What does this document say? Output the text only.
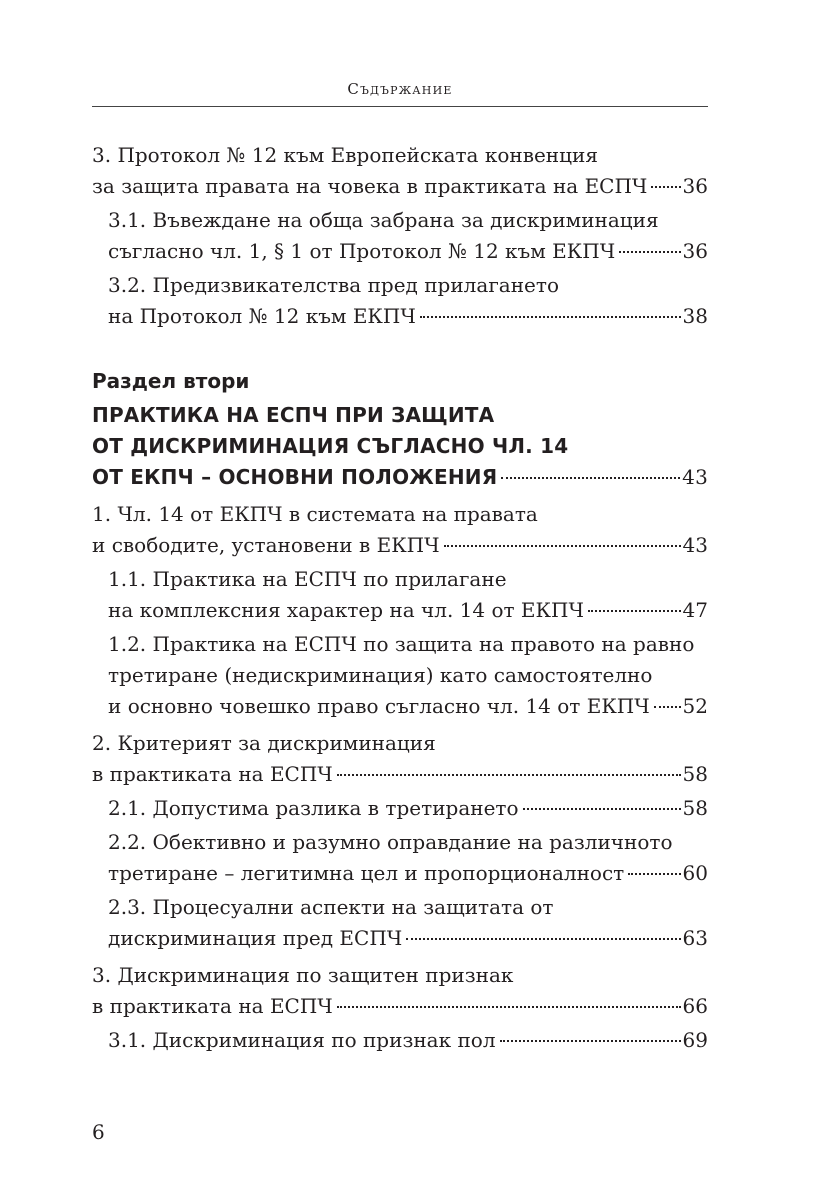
Съдържание
3. Протокол № 12 към Европейската конвенция
за защита правата на човека в практиката на ЕСПЧ 36
3.1. Въвеждане на обща забрана за дискриминация
съгласно чл. 1, § 1 от Протокол № 12 към ЕКПЧ	36
3.2. Предизвикателства пред прилагането
на Протокол № 12 към ЕКПЧ	38
Раздел втори
ПРАКТИКА НА ЕСПЧ ПРИ ЗАЩИТА
ОТ ДИСКРИМИНАЦИЯ СЪГЛАСНО ЧЛ. 14
ОТ ЕКПЧ – ОСНОВНИ ПОЛОЖЕНИЯ	43
1. Чл. 14 от ЕКПЧ в системата на правата
и свободите, установени в ЕКПЧ	43
1.1. Практика на ЕСПЧ по прилагане
на комплексния характер на чл. 14 от ЕКПЧ	47
1.2. Практика на ЕСПЧ по защита на правото на равно
третиране (недискриминация) като самостоятелно
и основно човешко право съгласно чл. 14 от ЕКПЧ 52
2. Критерият за дискриминация
в практиката на ЕСПЧ	58
2.1. Допустима разлика в третирането	58
2.2. Обективно и разумно оправдание на различното
третиране – легитимна цел и пропорционалност	60
2.3. Процесуални аспекти на защитата от
дискриминация пред ЕСПЧ	63
3. Дискриминация по защитен признак
в практиката на ЕСПЧ	66
3.1. Дискриминация по признак пол	69
6
